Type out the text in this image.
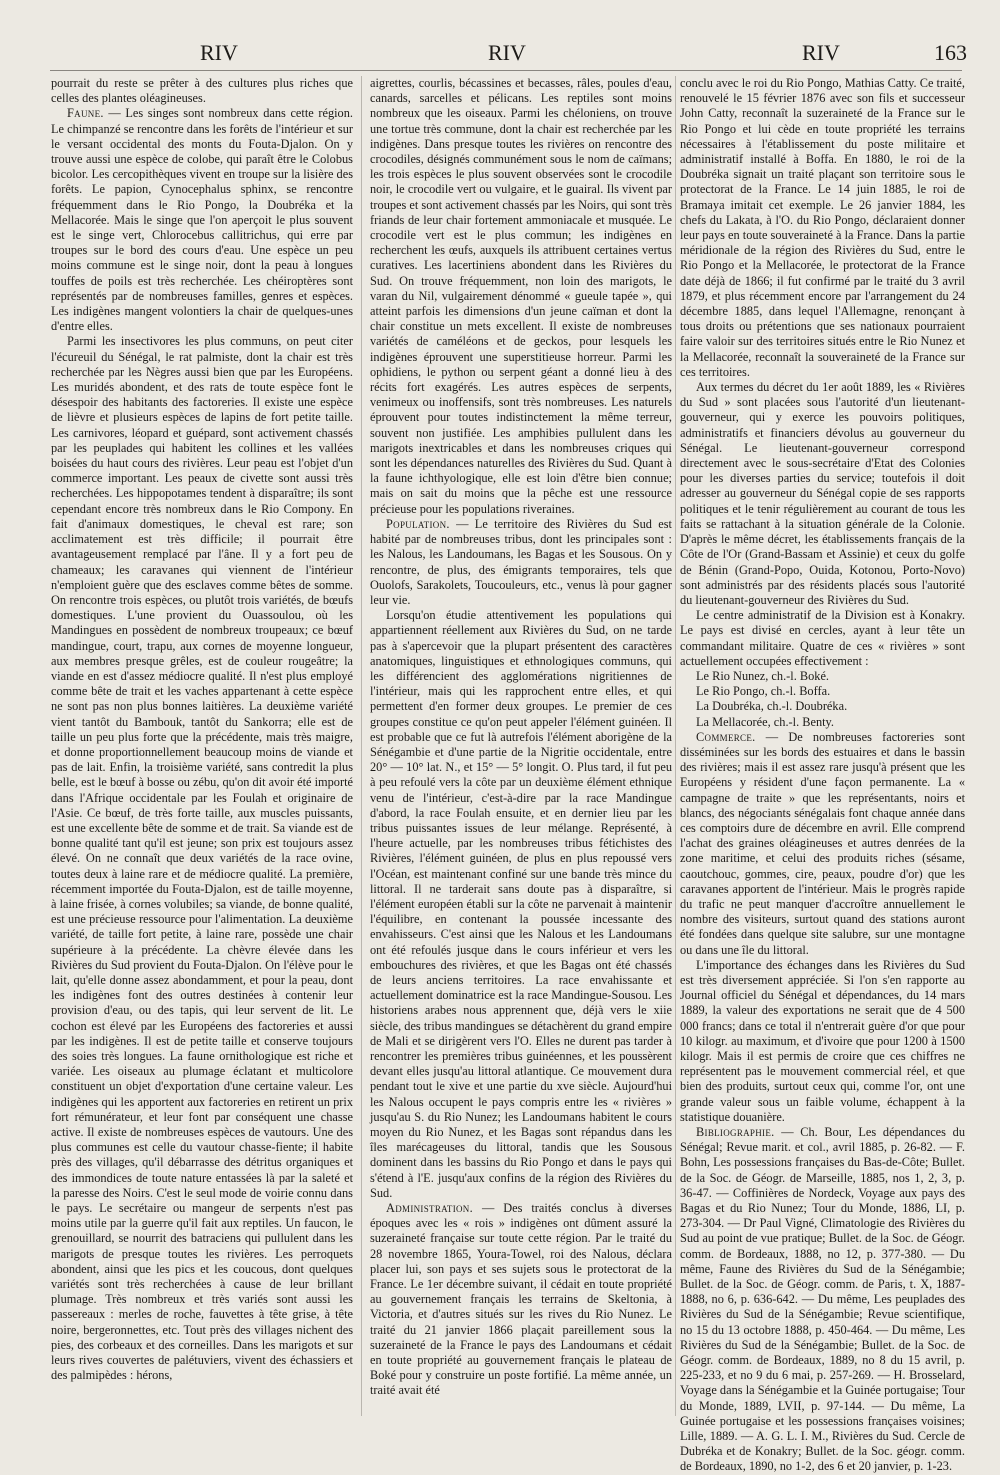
RIV	RIV	RIV	163

pourrait du reste se prêter à des cultures plus riches que celles des plantes oléagineuses.

Faune. — Les singes sont nombreux dans cette région. Le chimpanzé se rencontre dans les forêts de l'intérieur et sur le versant occidental des monts du Fouta-Djalon. On y trouve aussi une espèce de colobe, qui paraît être le Colobus bicolor. Les cercopithèques vivent en troupe sur la lisière des forêts. Le papion, Cynocephalus sphinx, se rencontre fréquemment dans le Rio Pongo, la Doubréka et la Mellacorée. Mais le singe que l'on aperçoit le plus souvent est le singe vert, Chlorocebus callitrichus, qui erre par troupes sur le bord des cours d'eau. Une espèce un peu moins commune est le singe noir, dont la peau à longues touffes de poils est très recherchée. Les chéiroptères sont représentés par de nombreuses familles, genres et espèces. Les indigènes mangent volontiers la chair de quelques-unes d'entre elles.

Parmi les insectivores les plus communs, on peut citer l'écureuil du Sénégal, le rat palmiste, dont la chair est très recherchée par les Nègres aussi bien que par les Européens. Les muridés abondent, et des rats de toute espèce font le désespoir des habitants des factoreries. Il existe une espèce de lièvre et plusieurs espèces de lapins de fort petite taille. Les carnivores, léopard et guépard, sont activement chassés par les peuplades qui habitent les collines et les vallées boisées du haut cours des rivières. Leur peau est l'objet d'un commerce important. Les peaux de civette sont aussi très recherchées. Les hippopotames tendent à disparaître; ils sont cependant encore très nombreux dans le Rio Compony. En fait d'animaux domestiques, le cheval est rare; son acclimatement est très difficile; il pourrait être avantageusement remplacé par l'âne. Il y a fort peu de chameaux; les caravanes qui viennent de l'intérieur n'emploient guère que des esclaves comme bêtes de somme. On rencontre trois espèces, ou plutôt trois variétés, de bœufs domestiques. L'une provient du Ouassoulou, où les Mandingues en possèdent de nombreux troupeaux; ce bœuf mandingue, court, trapu, aux cornes de moyenne longueur, aux membres presque grêles, est de couleur rougeâtre; la viande en est d'assez médiocre qualité. Il n'est plus employé comme bête de trait et les vaches appartenant à cette espèce ne sont pas non plus bonnes laitières. La deuxième variété vient tantôt du Bambouk, tantôt du Sankorra; elle est de taille un peu plus forte que la précédente, mais très maigre, et donne proportionnellement beaucoup moins de viande et pas de lait. Enfin, la troisième variété, sans contredit la plus belle, est le bœuf à bosse ou zébu, qu'on dit avoir été importé dans l'Afrique occidentale par les Foulah et originaire de l'Asie. Ce bœuf, de très forte taille, aux muscles puissants, est une excellente bête de somme et de trait. Sa viande est de bonne qualité tant qu'il est jeune; son prix est toujours assez élevé. On ne connaît que deux variétés de la race ovine, toutes deux à laine rare et de médiocre qualité. La première, récemment importée du Fouta-Djalon, est de taille moyenne, à laine frisée, à cornes volubiles; sa viande, de bonne qualité, est une précieuse ressource pour l'alimentation. La deuxième variété, de taille fort petite, à laine rare, possède une chair supérieure à la précédente. La chèvre élevée dans les Rivières du Sud provient du Fouta-Djalon. On l'élève pour le lait, qu'elle donne assez abondamment, et pour la peau, dont les indigènes font des outres destinées à contenir leur provision d'eau, ou des tapis, qui leur servent de lit. Le cochon est élevé par les Européens des factoreries et aussi par les indigènes. Il est de petite taille et conserve toujours des soies très longues. La faune ornithologique est riche et variée. Les oiseaux au plumage éclatant et multicolore constituent un objet d'exportation d'une certaine valeur. Les indigènes qui les apportent aux factoreries en retirent un prix fort rémunérateur, et leur font par conséquent une chasse active. Il existe de nombreuses espèces de vautours. Une des plus communes est celle du vautour chasse-fiente; il habite près des villages, qu'il débarrasse des détritus organiques et des immondices de toute nature entassées là par la saleté et la paresse des Noirs. C'est le seul mode de voirie connu dans le pays. Le secrétaire ou mangeur de serpents n'est pas moins utile par la guerre qu'il fait aux reptiles. Un faucon, le grenouillard, se nourrit des batraciens qui pullulent dans les marigots de presque toutes les rivières. Les perroquets abondent, ainsi que les pics et les coucous, dont quelques variétés sont très recherchées à cause de leur brillant plumage. Très nombreux et très variés sont aussi les passereaux : merles de roche, fauvettes à tête grise, à tête noire, bergeronnettes, etc. Tout près des villages nichent des pies, des corbeaux et des corneilles. Dans les marigots et sur leurs rives couvertes de palétuviers, vivent des échassiers et des palmipèdes : hérons,

aigrettes, courlis, bécassines et becasses, râles, poules d'eau, canards, sarcelles et pélicans. Les reptiles sont moins nombreux que les oiseaux. Parmi les chéloniens, on trouve une tortue très commune, dont la chair est recherchée par les indigènes. Dans presque toutes les rivières on rencontre des crocodiles, désignés communément sous le nom de caïmans; les trois espèces le plus souvent observées sont le crocodile noir, le crocodile vert ou vulgaire, et le guairal. Ils vivent par troupes et sont activement chassés par les Noirs, qui sont très friands de leur chair fortement ammoniacale et musquée. Le crocodile vert est le plus commun; les indigènes en recherchent les œufs, auxquels ils attribuent certaines vertus curatives. Les lacertiniens abondent dans les Rivières du Sud. On trouve fréquemment, non loin des marigots, le varan du Nil, vulgairement dénommé « gueule tapée », qui atteint parfois les dimensions d'un jeune caïman et dont la chair constitue un mets excellent. Il existe de nombreuses variétés de caméléons et de geckos, pour lesquels les indigènes éprouvent une superstitieuse horreur. Parmi les ophidiens, le python ou serpent géant a donné lieu à des récits fort exagérés. Les autres espèces de serpents, venimeux ou inoffensifs, sont très nombreuses. Les naturels éprouvent pour toutes indistinctement la même terreur, souvent non justifiée. Les amphibies pullulent dans les marigots inextricables et dans les nombreuses criques qui sont les dépendances naturelles des Rivières du Sud. Quant à la faune ichthyologique, elle est loin d'être bien connue; mais on sait du moins que la pêche est une ressource précieuse pour les populations riveraines.

Population. — Le territoire des Rivières du Sud est habité par de nombreuses tribus, dont les principales sont : les Nalous, les Landoumans, les Bagas et les Sousous. On y rencontre, de plus, des émigrants temporaires, tels que Ouolofs, Sarakolets, Toucouleurs, etc., venus là pour gagner leur vie.

Lorsqu'on étudie attentivement les populations qui appartiennent réellement aux Rivières du Sud, on ne tarde pas à s'apercevoir que la plupart présentent des caractères anatomiques, linguistiques et ethnologiques communs, qui les différencient des agglomérations nigritiennes de l'intérieur, mais qui les rapprochent entre elles, et qui permettent d'en former deux groupes. Le premier de ces groupes constitue ce qu'on peut appeler l'élément guinéen. Il est probable que ce fut là autrefois l'élément aborigène de la Sénégambie et d'une partie de la Nigritie occidentale, entre 20° — 10° lat. N., et 15° — 5° longit. O. Plus tard, il fut peu à peu refoulé vers la côte par un deuxième élément ethnique venu de l'intérieur, c'est-à-dire par la race Mandingue d'abord, la race Foulah ensuite, et en dernier lieu par les tribus puissantes issues de leur mélange. Représenté, à l'heure actuelle, par les nombreuses tribus fétichistes des Rivières, l'élément guinéen, de plus en plus repoussé vers l'Océan, est maintenant confiné sur une bande très mince du littoral. Il ne tarderait sans doute pas à disparaître, si l'élément européen établi sur la côte ne parvenait à maintenir l'équilibre, en contenant la poussée incessante des envahisseurs. C'est ainsi que les Nalous et les Landoumans ont été refoulés jusque dans le cours inférieur et vers les embouchures des rivières, et que les Bagas ont été chassés de leurs anciens territoires. La race envahissante et actuellement dominatrice est la race Mandingue-Sousou. Les historiens arabes nous apprennent que, déjà vers le xiie siècle, des tribus mandingues se détachèrent du grand empire de Mali et se dirigèrent vers l'O. Elles ne durent pas tarder à rencontrer les premières tribus guinéennes, et les poussèrent devant elles jusqu'au littoral atlantique. Ce mouvement dura pendant tout le xive et une partie du xve siècle. Aujourd'hui les Nalous occupent le pays compris entre les « rivières » jusqu'au S. du Rio Nunez; les Landoumans habitent le cours moyen du Rio Nunez, et les Bagas sont répandus dans les îles marécageuses du littoral, tandis que les Sousous dominent dans les bassins du Rio Pongo et dans le pays qui s'étend à l'E. jusqu'aux confins de la région des Rivières du Sud.

Administration. — Des traités conclus à diverses époques avec les « rois » indigènes ont dûment assuré la suzeraineté française sur toute cette région. Par le traité du 28 novembre 1865, Youra-Towel, roi des Nalous, déclara placer lui, son pays et ses sujets sous le protectorat de la France. Le 1er décembre suivant, il cédait en toute propriété au gouvernement français les terrains de Skeltonia, à Victoria, et d'autres situés sur les rives du Rio Nunez. Le traité du 21 janvier 1866 plaçait pareillement sous la suzeraineté de la France le pays des Landoumans et cédait en toute propriété au gouvernement français le plateau de Boké pour y construire un poste fortifié. La même année, un traité avait été

conclu avec le roi du Rio Pongo, Mathias Catty. Ce traité, renouvelé le 15 février 1876 avec son fils et successeur John Catty, reconnaît la suzeraineté de la France sur le Rio Pongo et lui cède en toute propriété les terrains nécessaires à l'établissement du poste militaire et administratif installé à Boffa. En 1880, le roi de la Doubréka signait un traité plaçant son territoire sous le protectorat de la France. Le 14 juin 1885, le roi de Bramaya imitait cet exemple. Le 26 janvier 1884, les chefs du Lakata, à l'O. du Rio Pongo, déclaraient donner leur pays en toute souveraineté à la France. Dans la partie méridionale de la région des Rivières du Sud, entre le Rio Pongo et la Mellacorée, le protectorat de la France date déjà de 1866; il fut confirmé par le traité du 3 avril 1879, et plus récemment encore par l'arrangement du 24 décembre 1885, dans lequel l'Allemagne, renonçant à tous droits ou prétentions que ses nationaux pourraient faire valoir sur des territoires situés entre le Rio Nunez et la Mellacorée, reconnaît la souveraineté de la France sur ces territoires.

Aux termes du décret du 1er août 1889, les « Rivières du Sud » sont placées sous l'autorité d'un lieutenant-gouverneur, qui y exerce les pouvoirs politiques, administratifs et financiers dévolus au gouverneur du Sénégal. Le lieutenant-gouverneur correspond directement avec le sous-secrétaire d'Etat des Colonies pour les diverses parties du service; toutefois il doit adresser au gouverneur du Sénégal copie de ses rapports politiques et le tenir régulièrement au courant de tous les faits se rattachant à la situation générale de la Colonie. D'après le même décret, les établissements français de la Côte de l'Or (Grand-Bassam et Assinie) et ceux du golfe de Bénin (Grand-Popo, Ouida, Kotonou, Porto-Novo) sont administrés par des résidents placés sous l'autorité du lieutenant-gouverneur des Rivières du Sud.

Le centre administratif de la Division est à Konakry. Le pays est divisé en cercles, ayant à leur tête un commandant militaire. Quatre de ces « rivières » sont actuellement occupées effectivement :

Le Rio Nunez, ch.-l. Boké.

Le Rio Pongo, ch.-l. Boffa.

La Doubréka, ch.-l. Doubréka.

La Mellacorée, ch.-l. Benty.

Commerce. — De nombreuses factoreries sont disséminées sur les bords des estuaires et dans le bassin des rivières; mais il est assez rare jusqu'à présent que les Européens y résident d'une façon permanente. La « campagne de traite » que les représentants, noirs et blancs, des négociants sénégalais font chaque année dans ces comptoirs dure de décembre en avril. Elle comprend l'achat des graines oléagineuses et autres denrées de la zone maritime, et celui des produits riches (sésame, caoutchouc, gommes, cire, peaux, poudre d'or) que les caravanes apportent de l'intérieur. Mais le progrès rapide du trafic ne peut manquer d'accroître annuellement le nombre des visiteurs, surtout quand des stations auront été fondées dans quelque site salubre, sur une montagne ou dans une île du littoral.

L'importance des échanges dans les Rivières du Sud est très diversement appréciée. Si l'on s'en rapporte au Journal officiel du Sénégal et dépendances, du 14 mars 1889, la valeur des exportations ne serait que de 4 500 000 francs; dans ce total il n'entrerait guère d'or que pour 10 kilogr. au maximum, et d'ivoire que pour 1200 à 1500 kilogr. Mais il est permis de croire que ces chiffres ne représentent pas le mouvement commercial réel, et que bien des produits, surtout ceux qui, comme l'or, ont une grande valeur sous un faible volume, échappent à la statistique douanière.

Bibliographie. — Ch. Bour, Les dépendances du Sénégal; Revue marit. et col., avril 1885, p. 26-82. — F. Bohn, Les possessions françaises du Bas-de-Côte; Bullet. de la Soc. de Géogr. de Marseille, 1885, nos 1, 2, 3, p. 36-47. — Coffinières de Nordeck, Voyage aux pays des Bagas et du Rio Nunez; Tour du Monde, 1886, LI, p. 273-304. — Dr Paul Vigné, Climatologie des Rivières du Sud au point de vue pratique; Bullet. de la Soc. de Géogr. comm. de Bordeaux, 1888, no 12, p. 377-380. — Du même, Faune des Rivières du Sud de la Sénégambie; Bullet. de la Soc. de Géogr. comm. de Paris, t. X, 1887-1888, no 6, p. 636-642. — Du même, Les peuplades des Rivières du Sud de la Sénégambie; Revue scientifique, no 15 du 13 octobre 1888, p. 450-464. — Du même, Les Rivières du Sud de la Sénégambie; Bullet. de la Soc. de Géogr. comm. de Bordeaux, 1889, no 8 du 15 avril, p. 225-233, et no 9 du 6 mai, p. 257-269. — H. Brosselard, Voyage dans la Sénégambie et la Guinée portugaise; Tour du Monde, 1889, LVII, p. 97-144. — Du même, La Guinée portugaise et les possessions françaises voisines; Lille, 1889. — A. G. L. I. M., Rivières du Sud. Cercle de Dubréka et de Konakry; Bullet. de la Soc. géogr. comm. de Bordeaux, 1890, no 1-2, des 6 et 20 janvier, p. 1-23.
